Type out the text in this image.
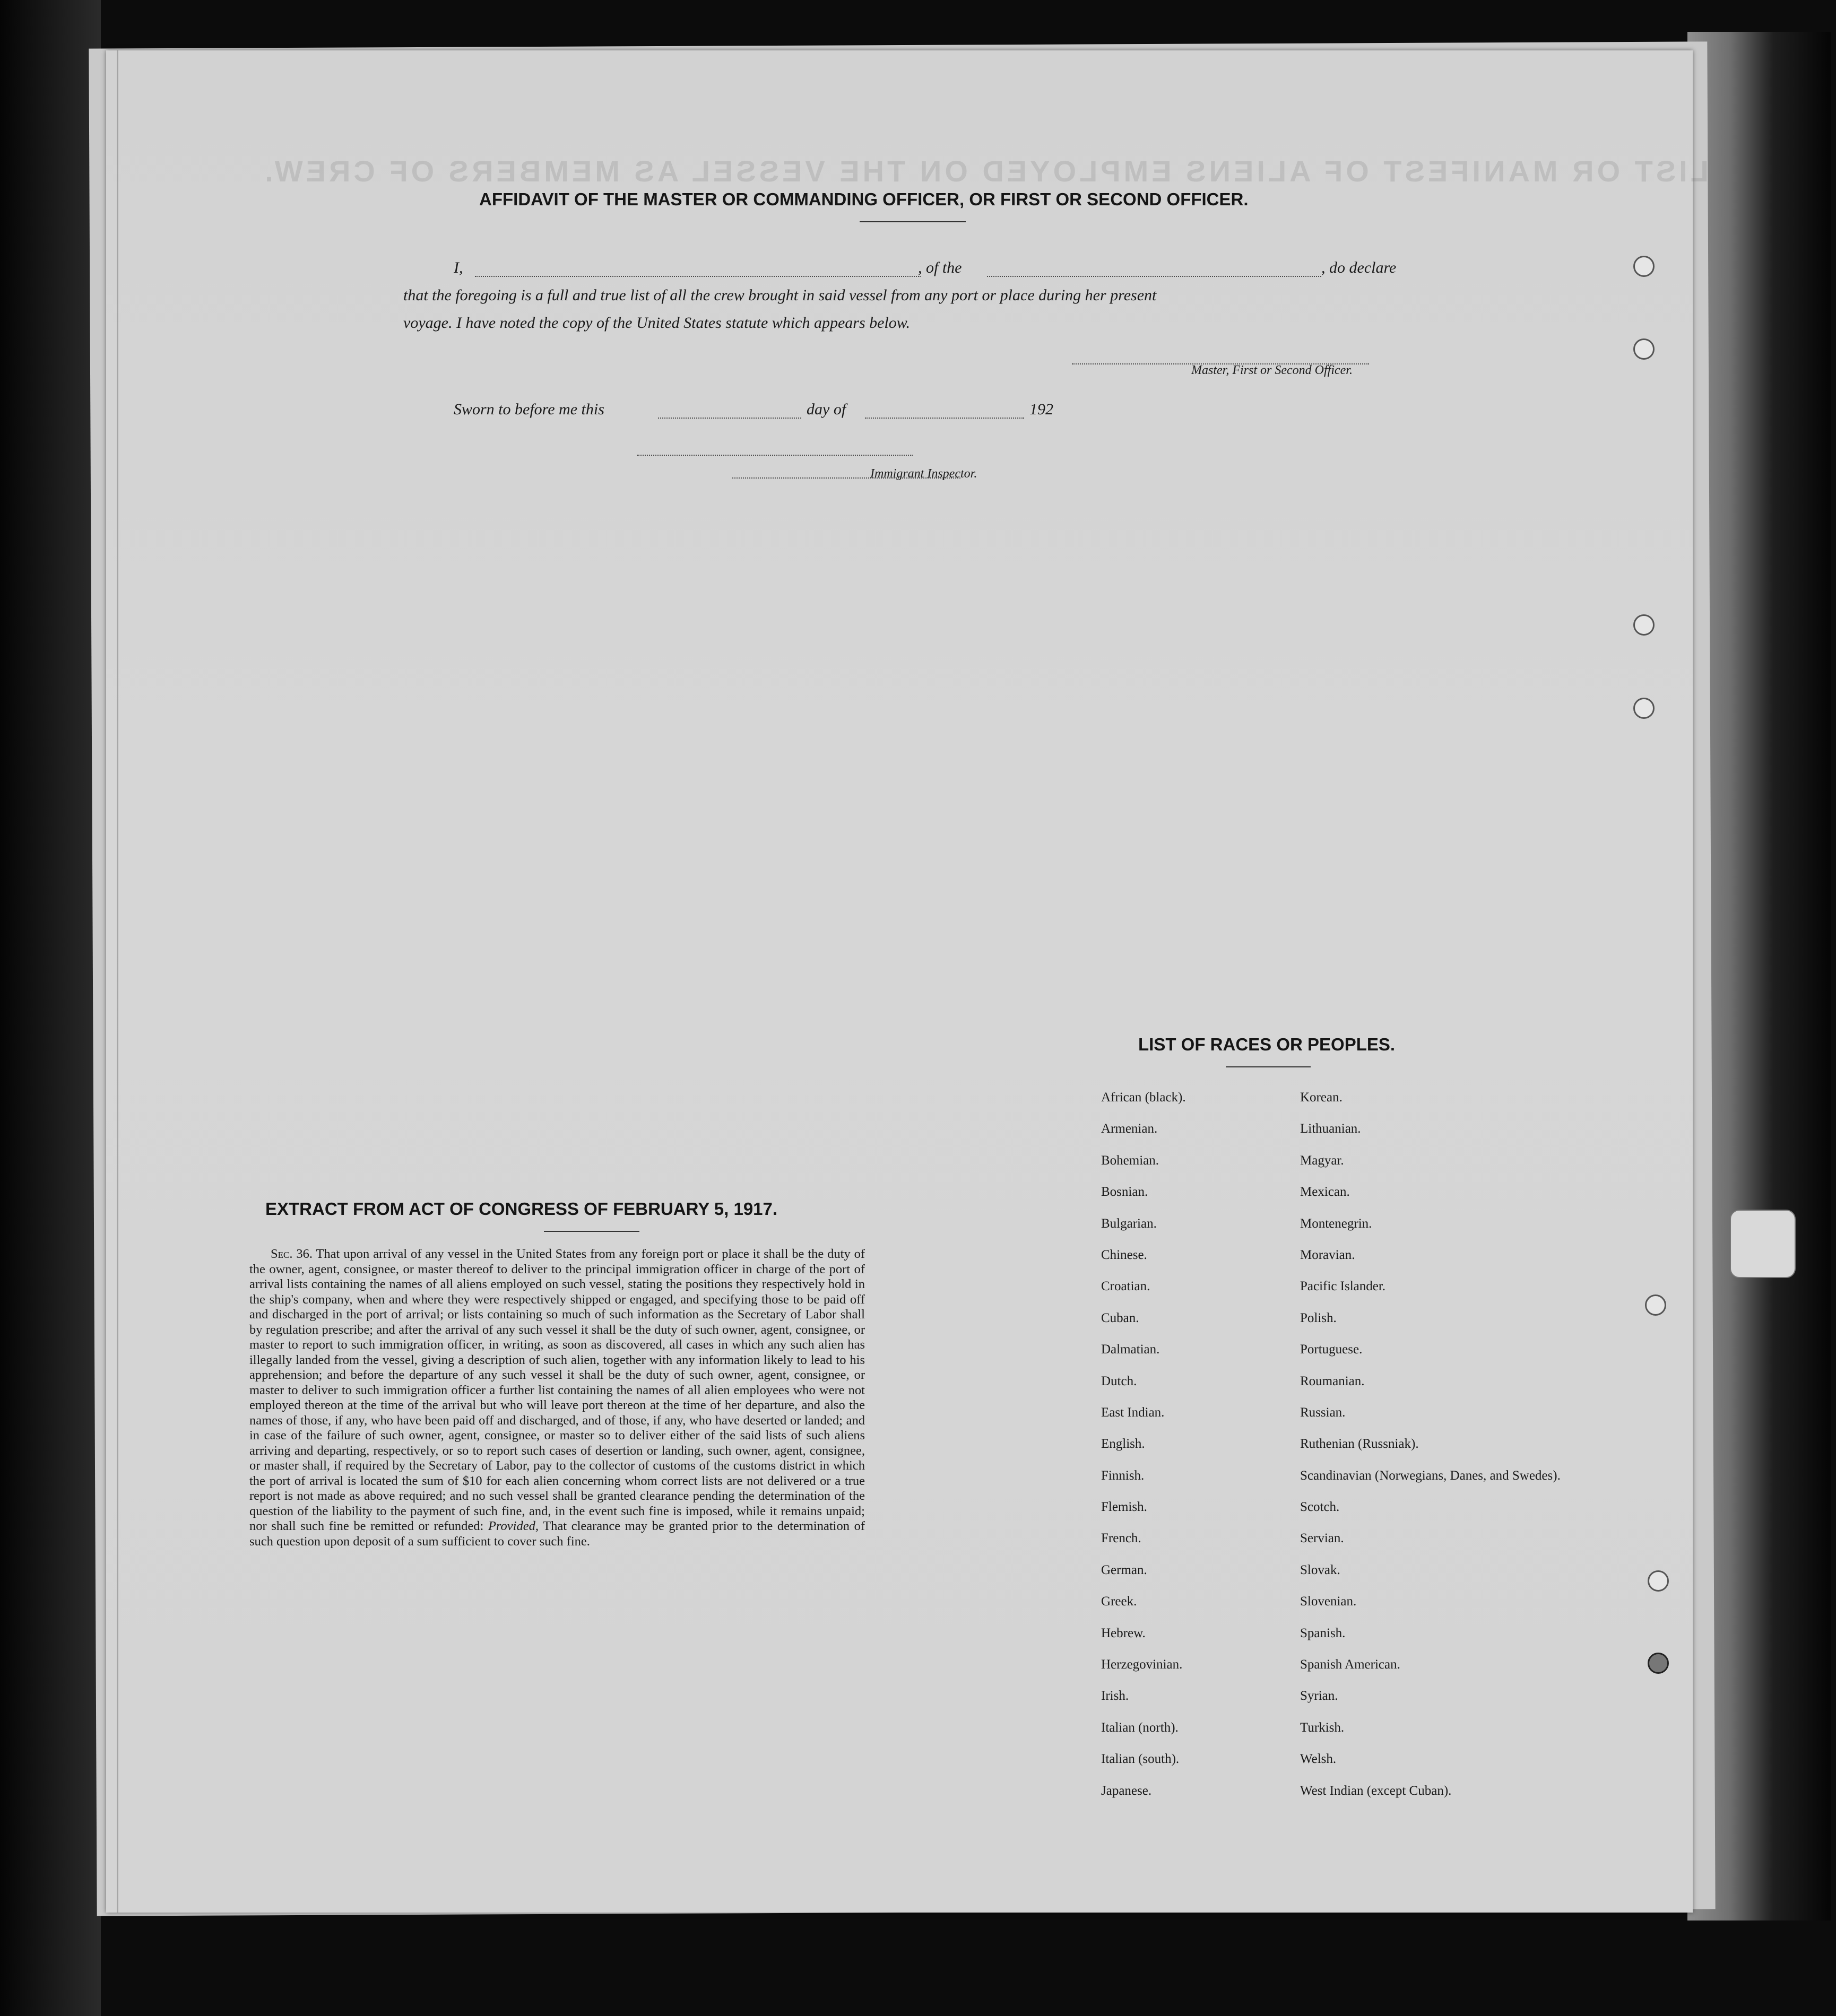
LIST OR MANIFEST OF ALIENS EMPLOYED ON THE VESSEL AS MEMBERS OF CREW.
AFFIDAVIT OF THE MASTER OR COMMANDING OFFICER, OR FIRST OR SECOND OFFICER.
I,	, of the	, do declare
that the foregoing is a full and true list of all the crew brought in said vessel from any port or place during her present
voyage. I have noted the copy of the United States statute which appears below.
Master, First or Second Officer.
Sworn to before me this	day of	192
Immigrant Inspector.
EXTRACT FROM ACT OF CONGRESS OF FEBRUARY 5, 1917.
Sec. 36. That upon arrival of any vessel in the United States from any foreign port or place it shall be the duty of the owner, agent, consignee, or master thereof to deliver to the principal immigration officer in charge of the port of arrival lists containing the names of all aliens employed on such vessel, stating the positions they respectively hold in the ship's company, when and where they were respectively shipped or engaged, and specifying those to be paid off and discharged in the port of arrival; or lists containing so much of such information as the Secretary of Labor shall by regulation prescribe; and after the arrival of any such vessel it shall be the duty of such owner, agent, consignee, or master to report to such immigration officer, in writing, as soon as discovered, all cases in which any such alien has illegally landed from the vessel, giving a description of such alien, together with any information likely to lead to his apprehension; and before the departure of any such vessel it shall be the duty of such owner, agent, consignee, or master to deliver to such immigration officer a further list containing the names of all alien employees who were not employed thereon at the time of the arrival but who will leave port thereon at the time of her departure, and also the names of those, if any, who have been paid off and discharged, and of those, if any, who have deserted or landed; and in case of the failure of such owner, agent, consignee, or master so to deliver either of the said lists of such aliens arriving and departing, respectively, or so to report such cases of desertion or landing, such owner, agent, consignee, or master shall, if required by the Secretary of Labor, pay to the collector of customs of the customs district in which the port of arrival is located the sum of $10 for each alien concerning whom correct lists are not delivered or a true report is not made as above required; and no such vessel shall be granted clearance pending the determination of the question of the liability to the payment of such fine, and, in the event such fine is imposed, while it remains unpaid; nor shall such fine be remitted or refunded: Provided, That clearance may be granted prior to the determination of such question upon deposit of a sum sufficient to cover such fine.
LIST OF RACES OR PEOPLES.
African (black).	Korean.
Armenian.	Lithuanian.
Bohemian.	Magyar.
Bosnian.	Mexican.
Bulgarian.	Montenegrin.
Chinese.	Moravian.
Croatian.	Pacific Islander.
Cuban.	Polish.
Dalmatian.	Portuguese.
Dutch.	Roumanian.
East Indian.	Russian.
English.	Ruthenian (Russniak).
Finnish.	Scandinavian (Norwegians, Danes, and Swedes).
Flemish.	Scotch.
French.	Servian.
German.	Slovak.
Greek.	Slovenian.
Hebrew.	Spanish.
Herzegovinian.	Spanish American.
Irish.	Syrian.
Italian (north).	Turkish.
Italian (south).	Welsh.
Japanese.	West Indian (except Cuban).
